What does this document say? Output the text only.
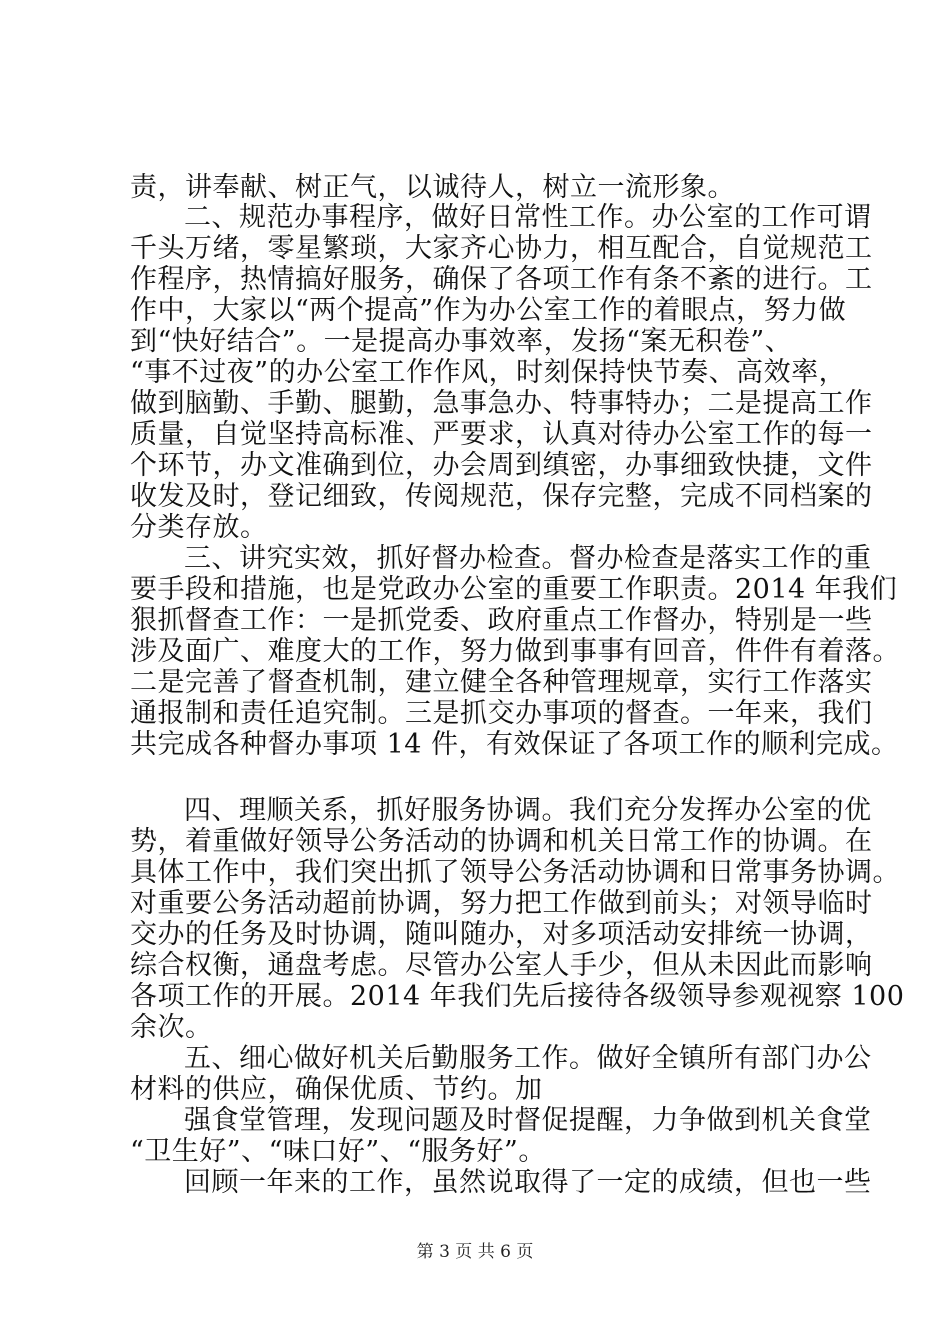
责，讲奉献、树正气，以诚待人，树立一流形象。
二、规范办事程序，做好日常性工作。办公室的工作可谓
千头万绪，零星繁琐，大家齐心协力，相互配合，自觉规范工
作程序，热情搞好服务，确保了各项工作有条不紊的进行。工
作中，大家以“两个提高”作为办公室工作的着眼点，努力做
到“快好结合”。一是提高办事效率，发扬“案无积卷”、
“事不过夜”的办公室工作作风，时刻保持快节奏、高效率，
做到脑勤、手勤、腿勤，急事急办、特事特办；二是提高工作
质量，自觉坚持高标准、严要求，认真对待办公室工作的每一
个环节，办文准确到位，办会周到缜密，办事细致快捷，文件
收发及时，登记细致，传阅规范，保存完整，完成不同档案的
分类存放。
三、讲究实效，抓好督办检查。督办检查是落实工作的重
要手段和措施，也是党政办公室的重要工作职责。2014 年我们
狠抓督查工作：一是抓党委、政府重点工作督办，特别是一些
涉及面广、难度大的工作，努力做到事事有回音，件件有着落。
二是完善了督查机制，建立健全各种管理规章，实行工作落实
通报制和责任追究制。三是抓交办事项的督查。一年来，我们
共完成各种督办事项 14 件，有效保证了各项工作的顺利完成。
四、理顺关系，抓好服务协调。我们充分发挥办公室的优
势，着重做好领导公务活动的协调和机关日常工作的协调。在
具体工作中，我们突出抓了领导公务活动协调和日常事务协调。
对重要公务活动超前协调，努力把工作做到前头；对领导临时
交办的任务及时协调，随叫随办，对多项活动安排统一协调，
综合权衡，通盘考虑。尽管办公室人手少，但从未因此而影响
各项工作的开展。2014 年我们先后接待各级领导参观视察 100
余次。
五、细心做好机关后勤服务工作。做好全镇所有部门办公
材料的供应，确保优质、节约。加
强食堂管理，发现问题及时督促提醒，力争做到机关食堂
“卫生好”、“味口好”、“服务好”。
回顾一年来的工作，虽然说取得了一定的成绩，但也一些
第 3 页 共 6 页
